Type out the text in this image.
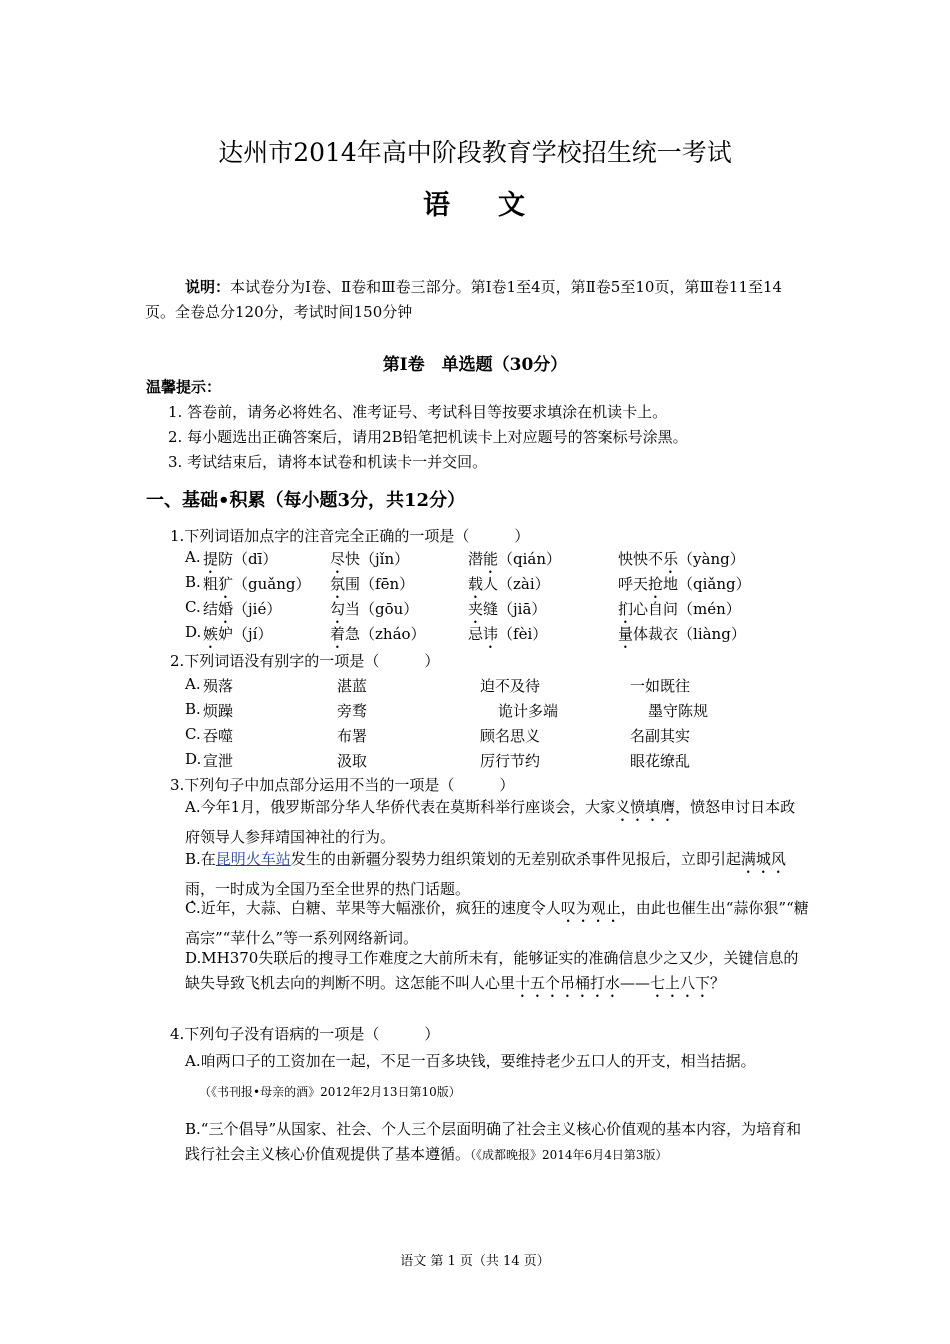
达州市2014年高中阶段教育学校招生统一考试
语 文
说明：本试卷分为Ⅰ卷、Ⅱ卷和Ⅲ卷三部分。第Ⅰ卷1至4页，第Ⅱ卷5至10页，第Ⅲ卷11至14页。全卷总分120分，考试时间150分钟
第Ⅰ卷　单选题（30分）
温馨提示：
1. 答卷前，请务必将姓名、准考证号、考试科目等按要求填涂在机读卡上。
2. 每小题选出正确答案后，请用2B铅笔把机读卡上对应题号的答案标号涂黑。
3. 考试结束后，请将本试卷和机读卡一并交回。
一、基础•积累（每小题3分，共12分）
1.下列词语加点字的注音完全正确的一项是（　　　）
A. 提防（dī）	尽快（jǐn）	潜能（qián）	怏怏不乐（yàng）
B. 粗犷（guǎng） 氛围（fēn）	载人（zài）	呼天抢地（qiǎng）
C. 结婚（jié）	勾当（gōu）	夹缝（jiā）	扪心自问（mén）
D. 嫉妒（jí）	着急（zháo）	忌讳（fèi）	量体裁衣（liàng）
2.下列词语没有别字的一项是（　　　）
A. 殒落	湛蓝	迫不及待	一如既往
B. 烦躁	旁骛	诡计多端	墨守陈规
C. 吞噬	布署	顾名思义	名副其实
D. 宣泄	汲取	厉行节约	眼花缭乱
3.下列句子中加点部分运用不当的一项是（　　　）
A.今年1月，俄罗斯部分华人华侨代表在莫斯科举行座谈会，大家义愤填膺，愤怒申讨日本政府领导人参拜靖国神社的行为。
B.在昆明火车站发生的由新疆分裂势力组织策划的无差别砍杀事件见报后，立即引起满城风雨，一时成为全国乃至全世界的热门话题。
C.近年，大蒜、白糖、苹果等大幅涨价，疯狂的速度令人叹为观止，由此也催生出“蒜你狠”“糖高宗”“苹什么”等一系列网络新词。
D.MH370失联后的搜寻工作难度之大前所未有，能够证实的准确信息少之又少，关键信息的缺失导致飞机去向的判断不明。这怎能不叫人心里十五个吊桶打水——七上八下？
4.下列句子没有语病的一项是（　　　）
A.咱两口子的工资加在一起，不足一百多块钱，要维持老少五口人的开支，相当拮据。
（《书刊报•母亲的酒》2012年2月13日第10版）
B.“三个倡导”从国家、社会、个人三个层面明确了社会主义核心价值观的基本内容，为培育和践行社会主义核心价值观提供了基本遵循。（《成都晚报》2014年6月4日第3版）
语文 第 1 页（共 14 页）
